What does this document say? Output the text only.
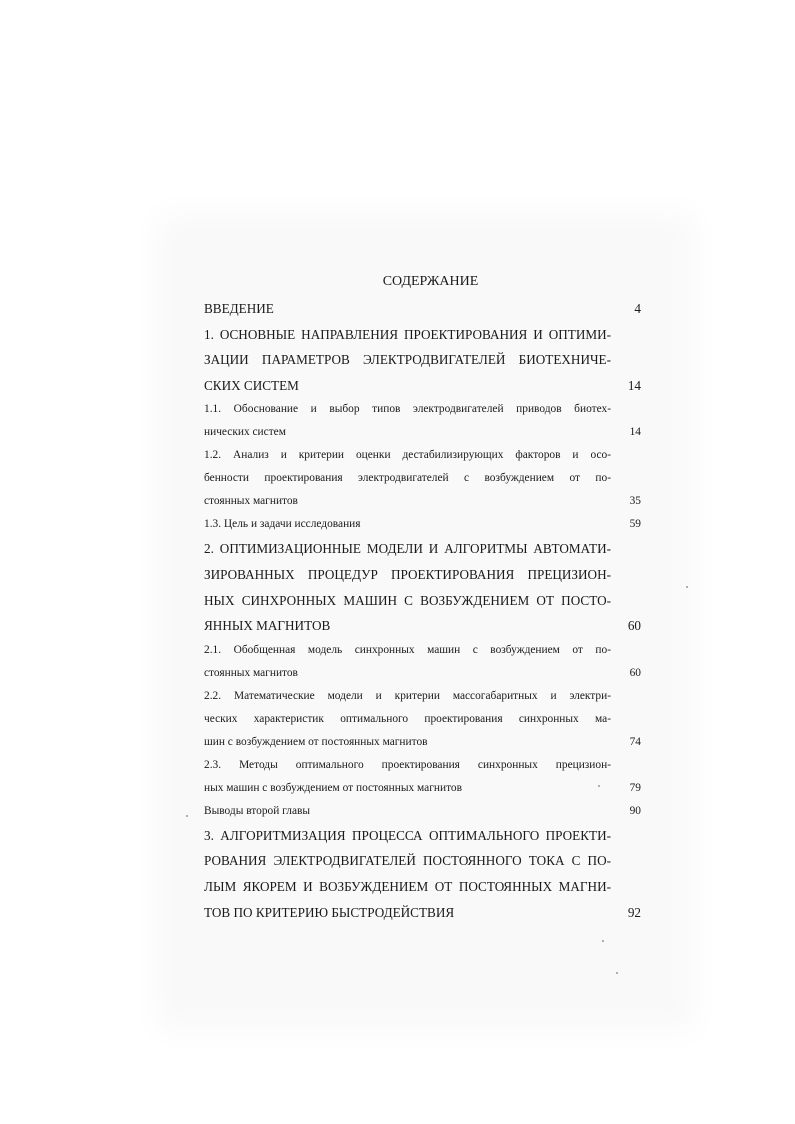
СОДЕРЖАНИЕ
ВВЕДЕНИЕ	4
1. ОСНОВНЫЕ НАПРАВЛЕНИЯ ПРОЕКТИРОВАНИЯ И ОПТИМИ-
ЗАЦИИ ПАРАМЕТРОВ ЭЛЕКТРОДВИГАТЕЛЕЙ БИОТЕХНИЧЕ-
СКИХ СИСТЕМ	14
1.1. Обоснование и выбор типов электродвигателей приводов биотех-
нических систем	14
1.2. Анализ и критерии оценки дестабилизирующих факторов и осо-
бенности проектирования электродвигателей с возбуждением от по-
стоянных магнитов	35
1.3. Цель и задачи исследования	59
2. ОПТИМИЗАЦИОННЫЕ МОДЕЛИ И АЛГОРИТМЫ АВТОМАТИ-
ЗИРОВАННЫХ ПРОЦЕДУР ПРОЕКТИРОВАНИЯ ПРЕЦИЗИОН-
НЫХ СИНХРОННЫХ МАШИН С ВОЗБУЖДЕНИЕМ ОТ ПОСТО-
ЯННЫХ МАГНИТОВ	60
2.1. Обобщенная модель синхронных машин с возбуждением от по-
стоянных магнитов	60
2.2. Математические модели и критерии массогабаритных и электри-
ческих характеристик оптимального проектирования синхронных ма-
шин с возбуждением от постоянных магнитов	74
2.3. Методы оптимального проектирования синхронных прецизион-
ных машин с возбуждением от постоянных магнитов	79
Выводы второй главы	90
3. АЛГОРИТМИЗАЦИЯ ПРОЦЕССА ОПТИМАЛЬНОГО ПРОЕКТИ-
РОВАНИЯ ЭЛЕКТРОДВИГАТЕЛЕЙ ПОСТОЯННОГО ТОКА С ПО-
ЛЫМ ЯКОРЕМ И ВОЗБУЖДЕНИЕМ ОТ ПОСТОЯННЫХ МАГНИ-
ТОВ ПО КРИТЕРИЮ БЫСТРОДЕЙСТВИЯ	92
